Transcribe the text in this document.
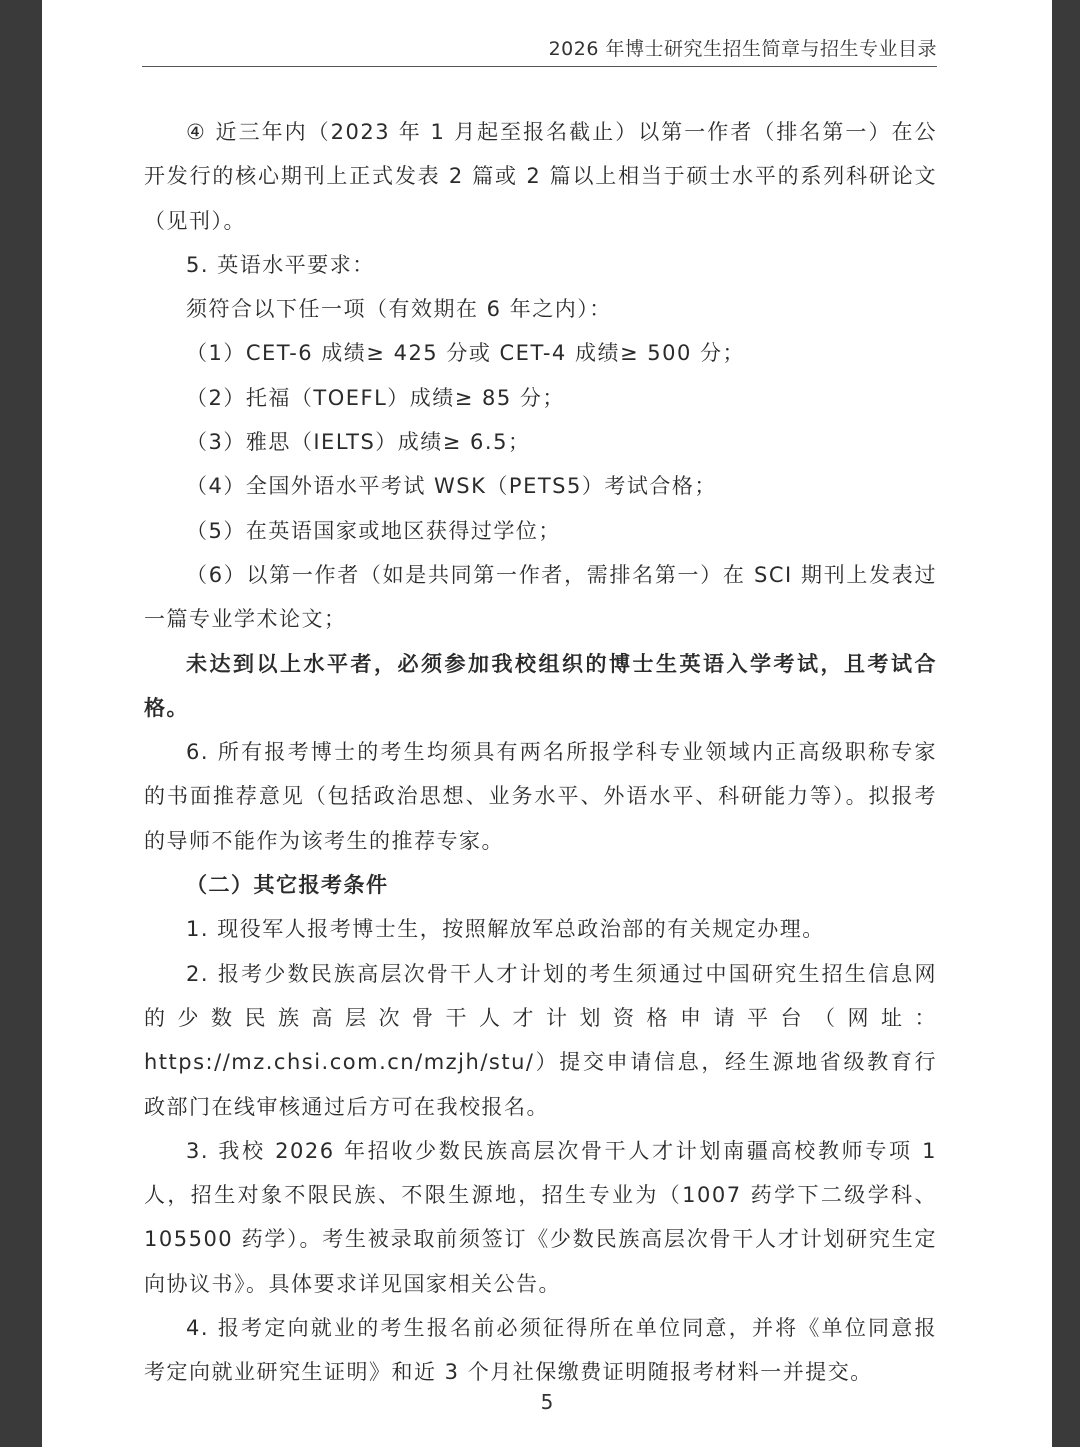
2026 年博士研究生招生简章与招生专业目录

④ 近三年内（2023 年 1 月起至报名截止）以第一作者（排名第一）在公开发行的核心期刊上正式发表 2 篇或 2 篇以上相当于硕士水平的系列科研论文（见刊）。

5. 英语水平要求：

须符合以下任一项（有效期在 6 年之内）：

（1）CET-6 成绩≥ 425 分或 CET-4 成绩≥ 500 分；

（2）托福（TOEFL）成绩≥ 85 分；

（3）雅思（IELTS）成绩≥ 6.5；

（4）全国外语水平考试 WSK（PETS5）考试合格；

（5）在英语国家或地区获得过学位；

（6）以第一作者（如是共同第一作者，需排名第一）在 SCI 期刊上发表过一篇专业学术论文；

未达到以上水平者，必须参加我校组织的博士生英语入学考试，且考试合格。

6. 所有报考博士的考生均须具有两名所报学科专业领域内正高级职称专家的书面推荐意见（包括政治思想、业务水平、外语水平、科研能力等）。拟报考的导师不能作为该考生的推荐专家。

（二）其它报考条件

1. 现役军人报考博士生，按照解放军总政治部的有关规定办理。

2. 报考少数民族高层次骨干人才计划的考生须通过中国研究生招生信息网的少数民族高层次骨干人才计划资格申请平台（网址：https://mz.chsi.com.cn/mzjh/stu/）提交申请信息，经生源地省级教育行政部门在线审核通过后方可在我校报名。

3. 我校 2026 年招收少数民族高层次骨干人才计划南疆高校教师专项 1 人，招生对象不限民族、不限生源地，招生专业为（1007 药学下二级学科、105500 药学）。考生被录取前须签订《少数民族高层次骨干人才计划研究生定向协议书》。具体要求详见国家相关公告。

4. 报考定向就业的考生报名前必须征得所在单位同意，并将《单位同意报考定向就业研究生证明》和近 3 个月社保缴费证明随报考材料一并提交。

5
